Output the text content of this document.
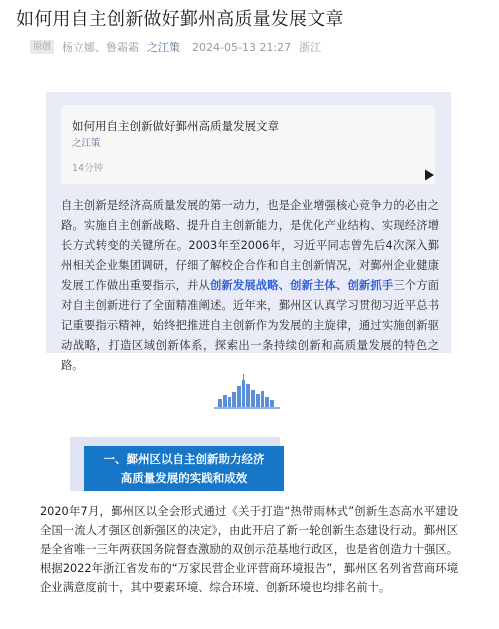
如何用自主创新做好鄞州高质量发展文章
原创 杨立娜、鲁霜霜 之江策 2024-05-13 21:27 浙江
如何用自主创新做好鄞州高质量发展文章
之江策
14分钟

自主创新是经济高质量发展的第一动力，也是企业增强核心竞争力的必由之路。实施自主创新战略、提升自主创新能力，是优化产业结构、实现经济增长方式转变的关键所在。2003年至2006年，习近平同志曾先后4次深入鄞州相关企业集团调研，仔细了解校企合作和自主创新情况，对鄞州企业健康发展工作做出重要指示，并从创新发展战略、创新主体、创新抓手三个方面对自主创新进行了全面精准阐述。近年来，鄞州区认真学习贯彻习近平总书记重要指示精神，始终把推进自主创新作为发展的主旋律，通过实施创新驱动战略，打造区域创新体系，探索出一条持续创新和高质量发展的特色之路。

一、鄞州区以自主创新助力经济
高质量发展的实践和成效

2020年7月，鄞州区以全会形式通过《关于打造“热带雨林式”创新生态高水平建设全国一流人才强区创新强区的决定》，由此开启了新一轮创新生态建设行动。鄞州区是全省唯一三年两获国务院督查激励的双创示范基地行政区，也是省创造力十强区。根据2022年浙江省发布的“万家民营企业评营商环境报告”，鄞州区名列省营商环境企业满意度前十，其中要素环境、综合环境、创新环境也均排名前十。
